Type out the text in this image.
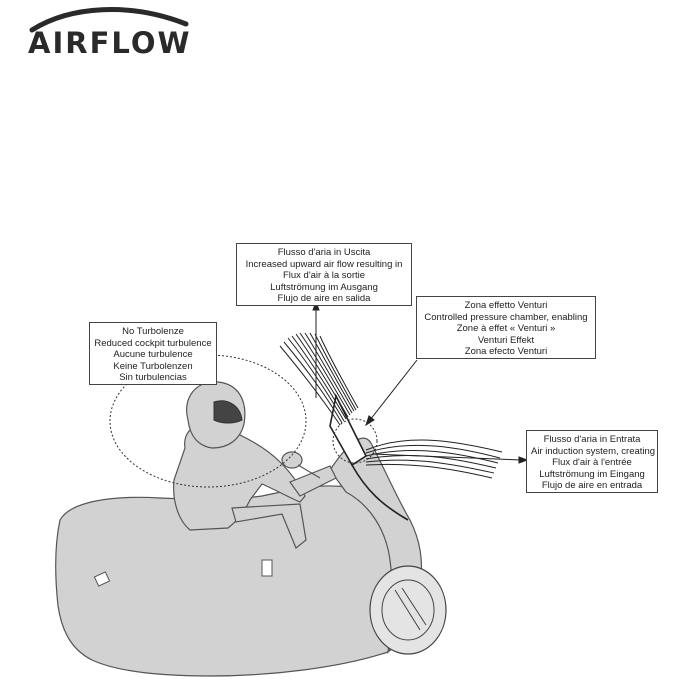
AIRFLOW
Flusso d'aria in Uscita
Increased upward air flow resulting in
Flux d'air à la sortie
Luftströmung im Ausgang
Flujo de aire en salida
Zona effetto Venturi
Controlled pressure chamber, enabling
Zone à effet « Venturi »
Venturi Effekt
Zona efecto Venturi
No Turbolenze
Reduced cockpit turbulence
Aucune turbulence
Keine Turbolenzen
Sin turbulencias
Flusso d'aria in Entrata
Air induction system, creating
Flux d'air à l'entrée
Luftströmung im Eingang
Flujo de aire en entrada
